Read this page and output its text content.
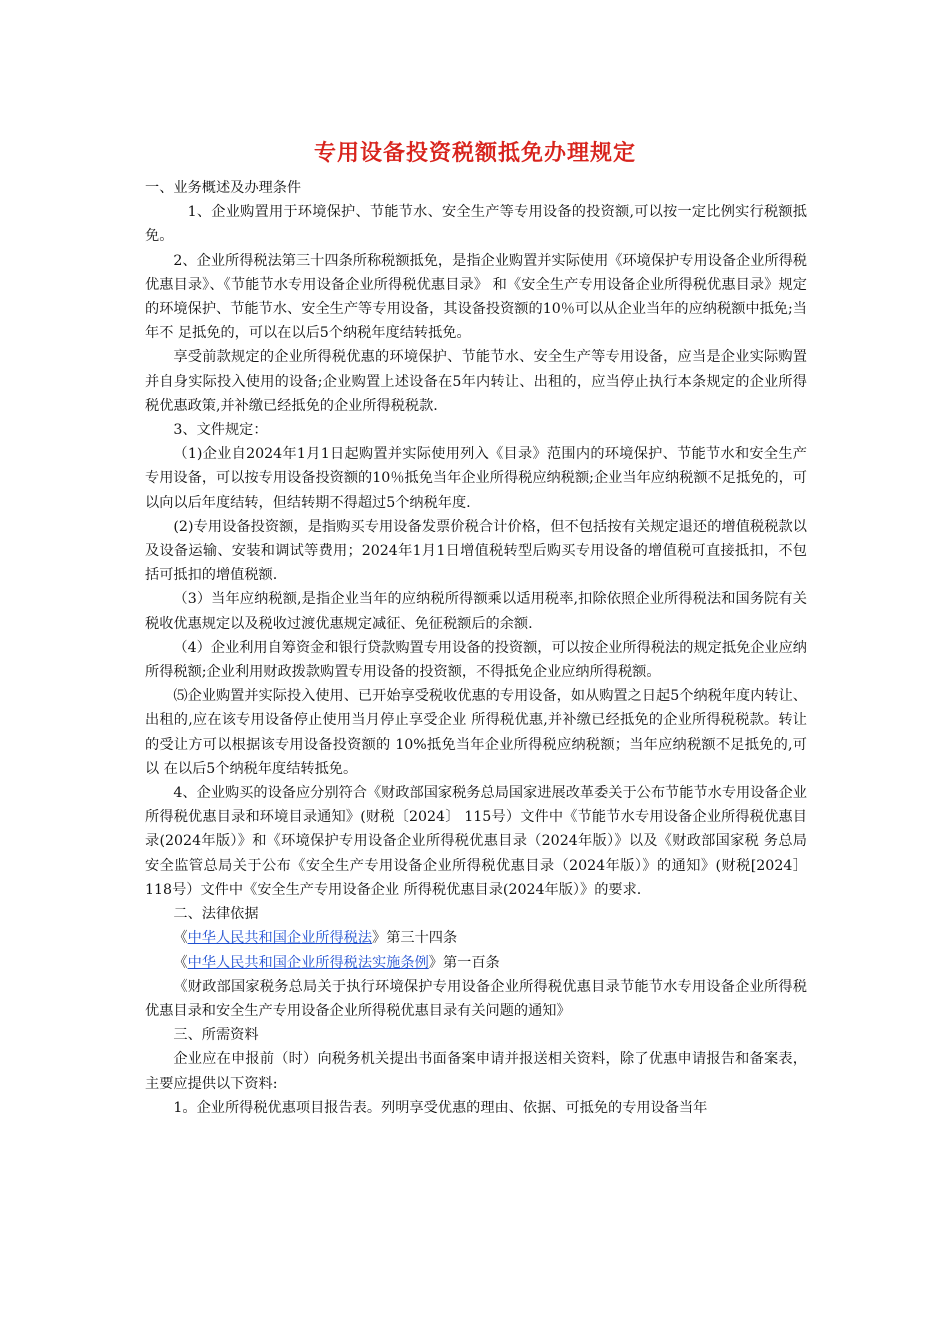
专用设备投资税额抵免办理规定

一、业务概述及办理条件

1、企业购置用于环境保护、节能节水、安全生产等专用设备的投资额,可以按一定比例实行税额抵免。

2、企业所得税法第三十四条所称税额抵免，是指企业购置并实际使用《环境保护专用设备企业所得税优惠目录》、《节能节水专用设备企业所得税优惠目录》 和《安全生产专用设备企业所得税优惠目录》规定的环境保护、节能节水、安全生产等专用设备，其设备投资额的10％可以从企业当年的应纳税额中抵免;当年不 足抵免的，可以在以后5个纳税年度结转抵免。

享受前款规定的企业所得税优惠的环境保护、节能节水、安全生产等专用设备，应当是企业实际购置并自身实际投入使用的设备;企业购置上述设备在5年内转让、出租的，应当停止执行本条规定的企业所得税优惠政策,并补缴已经抵免的企业所得税税款.

3、文件规定：

（1)企业自2024年1月1日起购置并实际使用列入《目录》范围内的环境保护、节能节水和安全生产专用设备，可以按专用设备投资额的10％抵免当年企业所得税应纳税额;企业当年应纳税额不足抵免的，可以向以后年度结转，但结转期不得超过5个纳税年度.

(2)专用设备投资额，是指购买专用设备发票价税合计价格，但不包括按有关规定退还的增值税税款以及设备运输、安装和调试等费用；2024年1月1日增值税转型后购买专用设备的增值税可直接抵扣，不包括可抵扣的增值税额.

（3）当年应纳税额,是指企业当年的应纳税所得额乘以适用税率,扣除依照企业所得税法和国务院有关税收优惠规定以及税收过渡优惠规定减征、免征税额后的余额.

（4）企业利用自筹资金和银行贷款购置专用设备的投资额，可以按企业所得税法的规定抵免企业应纳所得税额;企业利用财政拨款购置专用设备的投资额，不得抵免企业应纳所得税额。

⑸企业购置并实际投入使用、已开始享受税收优惠的专用设备，如从购置之日起5个纳税年度内转让、出租的,应在该专用设备停止使用当月停止享受企业 所得税优惠,并补缴已经抵免的企业所得税税款。转让的受让方可以根据该专用设备投资额的 10%抵免当年企业所得税应纳税额；当年应纳税额不足抵免的,可以 在以后5个纳税年度结转抵免。

4、企业购买的设备应分别符合《财政部国家税务总局国家进展改革委关于公布节能节水专用设备企业所得税优惠目录和环境目录通知》(财税〔2024〕 115号）文件中《节能节水专用设备企业所得税优惠目录(2024年版）》和《环境保护专用设备企业所得税优惠目录（2024年版）》以及《财政部国家税 务总局安全监管总局关于公布《安全生产专用设备企业所得税优惠目录（2024年版）》的通知》(财税[2024］118号）文件中《安全生产专用设备企业 所得税优惠目录(2024年版）》的要求.

二、法律依据

《中华人民共和国企业所得税法》第三十四条

《中华人民共和国企业所得税法实施条例》第一百条

《财政部国家税务总局关于执行环境保护专用设备企业所得税优惠目录节能节水专用设备企业所得税优惠目录和安全生产专用设备企业所得税优惠目录有关问题的通知》

三、所需资料

企业应在申报前（时）向税务机关提出书面备案申请并报送相关资料，除了优惠申请报告和备案表，主要应提供以下资料:

1。企业所得税优惠项目报告表。列明享受优惠的理由、依据、可抵免的专用设备当年
